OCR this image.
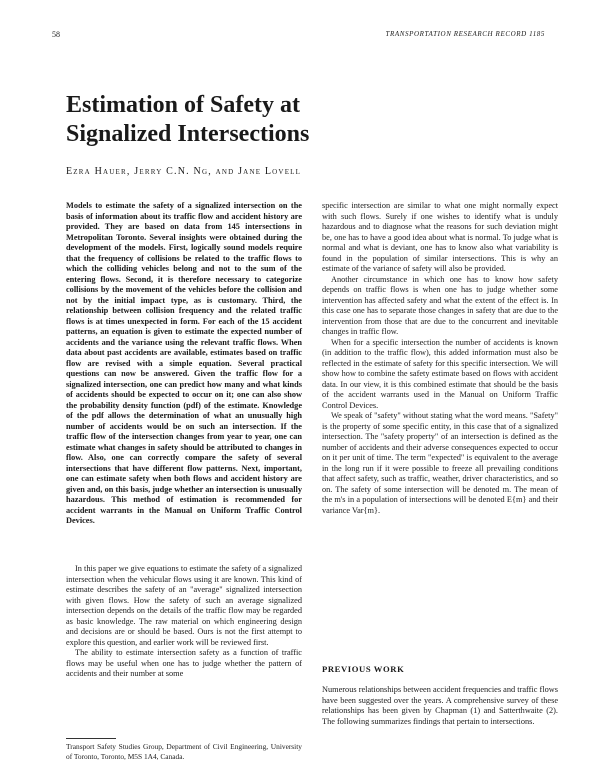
58	TRANSPORTATION RESEARCH RECORD 1185
Estimation of Safety at Signalized Intersections
Ezra Hauer, Jerry C.N. Ng, and Jane Lovell

Models to estimate the safety of a signalized intersection on the basis of information about its traffic flow and accident history are provided. They are based on data from 145 intersections in Metropolitan Toronto. Several insights were obtained during the development of the models. First, logically sound models require that the frequency of collisions be related to the traffic flows to which the colliding vehicles belong and not to the sum of the entering flows. Second, it is therefore necessary to categorize collisions by the movement of the vehicles before the collision and not by the initial impact type, as is customary. Third, the relationship between collision frequency and the related traffic flows is at times unexpected in form. For each of the 15 accident patterns, an equation is given to estimate the expected number of accidents and the variance using the relevant traffic flows. When data about past accidents are available, estimates based on traffic flow are revised with a simple equation. Several practical questions can now be answered. Given the traffic flow for a signalized intersection, one can predict how many and what kinds of accidents should be expected to occur on it; one can also show the probability density function (pdf) of the estimate. Knowledge of the pdf allows the determination of what an unusually high number of accidents would be on such an intersection. If the traffic flow of the intersection changes from year to year, one can estimate what changes in safety should be attributed to changes in flow. Also, one can correctly compare the safety of several intersections that have different flow patterns. Next, important, one can estimate safety when both flows and accident history are given and, on this basis, judge whether an intersection is unusually hazardous. This method of estimation is recommended for accident warrants in the Manual on Uniform Traffic Control Devices.

In this paper we give equations to estimate the safety of a signalized intersection when the vehicular flows using it are known. This kind of estimate describes the safety of an "average" signalized intersection with given flows. How the safety of such an average signalized intersection depends on the details of the traffic flow may be regarded as basic knowledge. The raw material on which engineering design and decisions are or should be based. Ours is not the first attempt to explore this question, and earlier work will be reviewed first.

The ability to estimate intersection safety as a function of traffic flows may be useful when one has to judge whether the pattern of accidents and their number at some

Transport Safety Studies Group, Department of Civil Engineering, University of Toronto, Toronto, M5S 1A4, Canada.

specific intersection are similar to what one might normally expect with such flows. Surely if one wishes to identify what is unduly hazardous and to diagnose what the reasons for such deviation might be, one has to have a good idea about what is normal. To judge what is normal and what is deviant, one has to know also what variability is found in the population of similar intersections. This is why an estimate of the variance of safety will also be provided.

Another circumstance in which one has to know how safety depends on traffic flows is when one has to judge whether some intervention has affected safety and what the extent of the effect is. In this case one has to separate those changes in safety that are due to the intervention from those that are due to the concurrent and inevitable changes in traffic flow.

When for a specific intersection the number of accidents is known (in addition to the traffic flow), this added information must also be reflected in the estimate of safety for this specific intersection. We will show how to combine the safety estimate based on flows with accident data. In our view, it is this combined estimate that should be the basis of the accident warrants used in the Manual on Uniform Traffic Control Devices.

We speak of "safety" without stating what the word means. "Safety" is the property of some specific entity, in this case that of a signalized intersection. The "safety property" of an intersection is defined as the number of accidents and their adverse consequences expected to occur on it per unit of time. The term "expected" is equivalent to the average in the long run if it were possible to freeze all prevailing conditions that affect safety, such as traffic, weather, driver characteristics, and so on. The safety of some intersection will be denoted m. The mean of the m's in a population of intersections will be denoted E{m} and their variance Var{m}.

PREVIOUS WORK

Numerous relationships between accident frequencies and traffic flows have been suggested over the years. A comprehensive survey of these relationships has been given by Chapman (1) and Satterthwaite (2). The following summarizes findings that pertain to intersections.
